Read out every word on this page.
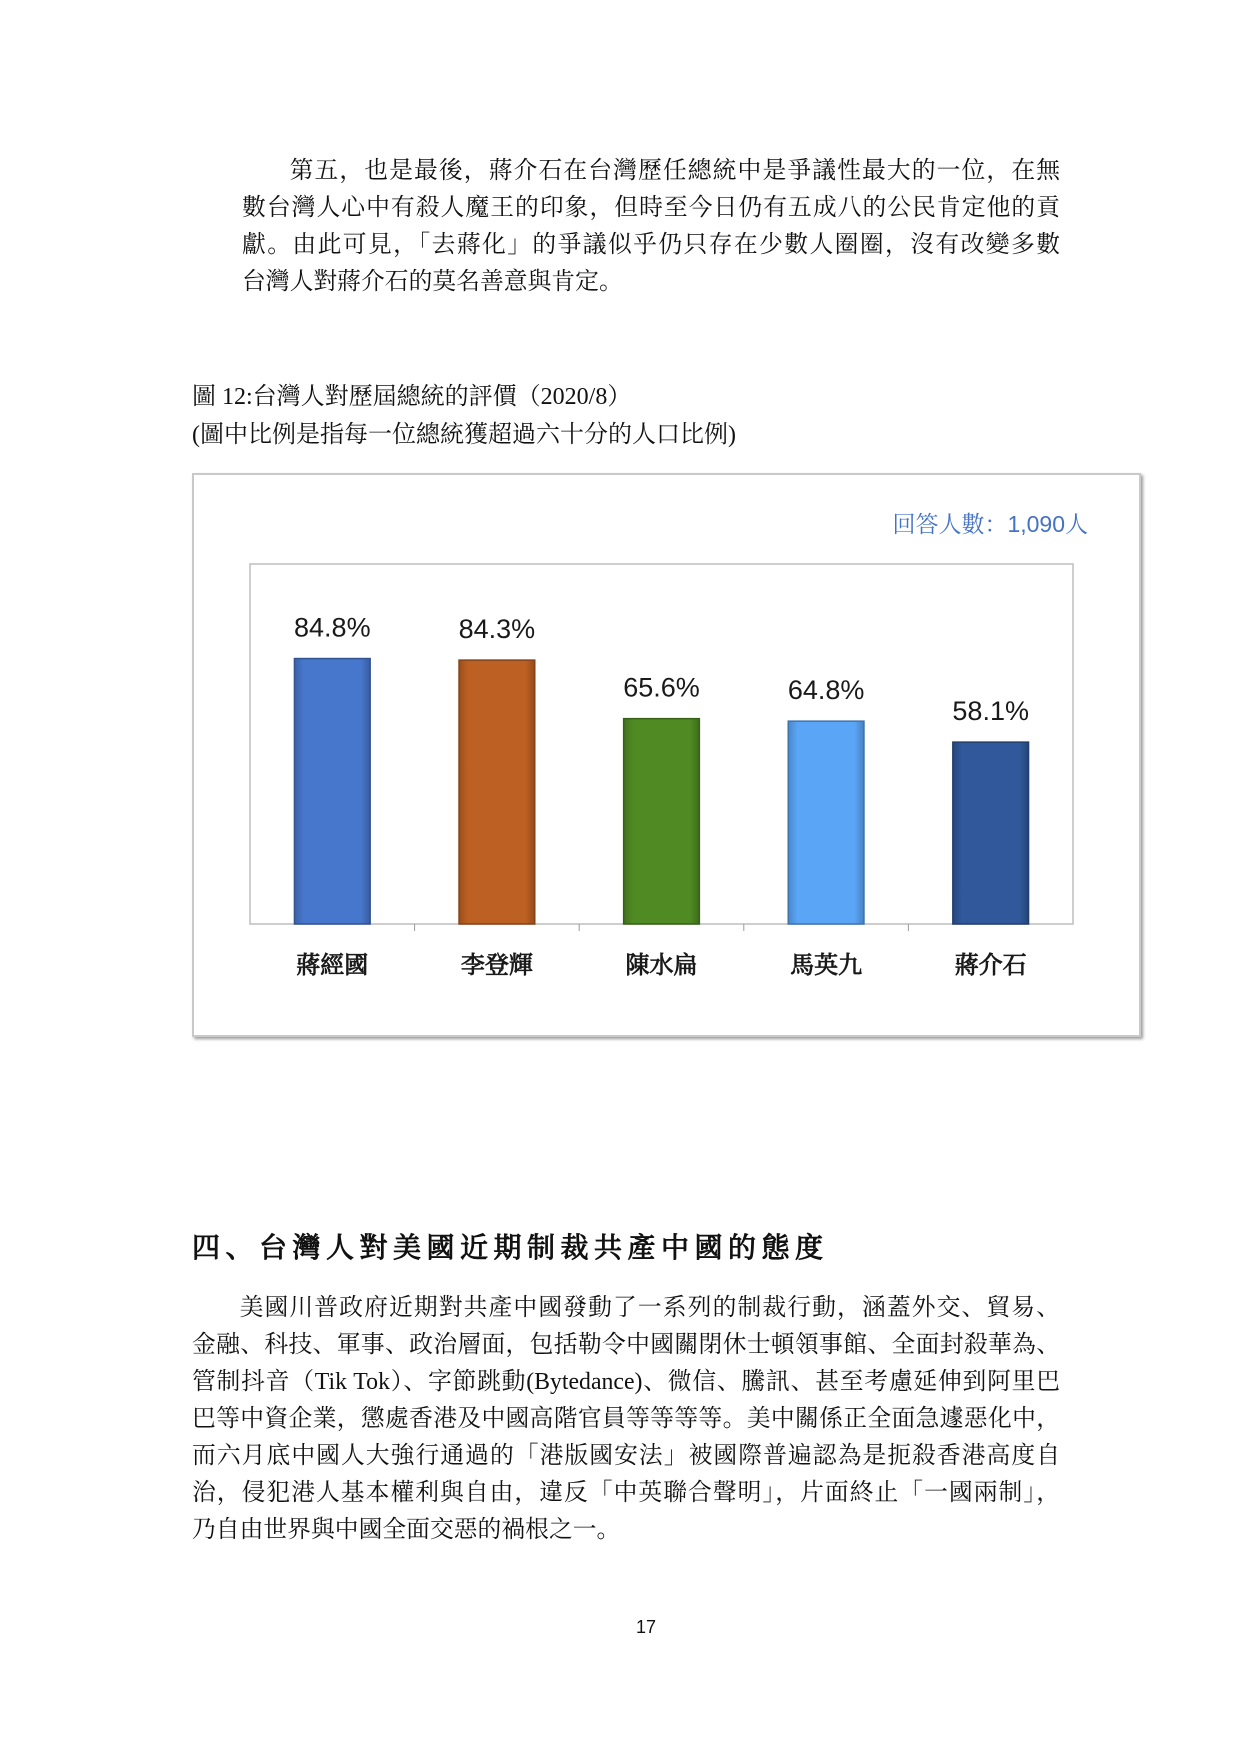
第五，也是最後，蔣介石在台灣歷任總統中是爭議性最大的一位，在無
數台灣人心中有殺人魔王的印象，但時至今日仍有五成八的公民肯定他的貢
獻。由此可見，「去蔣化」的爭議似乎仍只存在少數人圈圈，沒有改變多數
台灣人對蔣介石的莫名善意與肯定。
圖 12:台灣人對歷屆總統的評價（2020/8）
(圖中比例是指每一位總統獲超過六十分的人口比例)
回答人數：1,090人
84.8%
蔣經國
84.3%
李登輝
65.6%
陳水扁
64.8%
馬英九
58.1%
蔣介石
四、台灣人對美國近期制裁共產中國的態度
美國川普政府近期對共產中國發動了一系列的制裁行動，涵蓋外交、貿易、
金融、科技、軍事、政治層面，包括勒令中國關閉休士頓領事館、全面封殺華為、
管制抖音（Tik Tok）、字節跳動(Bytedance)、微信、騰訊、甚至考慮延伸到阿里巴
巴等中資企業，懲處香港及中國高階官員等等等等。美中關係正全面急遽惡化中，
而六月底中國人大強行通過的「港版國安法」被國際普遍認為是扼殺香港高度自
治，侵犯港人基本權利與自由，違反「中英聯合聲明」，片面終止「一國兩制」，
乃自由世界與中國全面交惡的禍根之一。
17
